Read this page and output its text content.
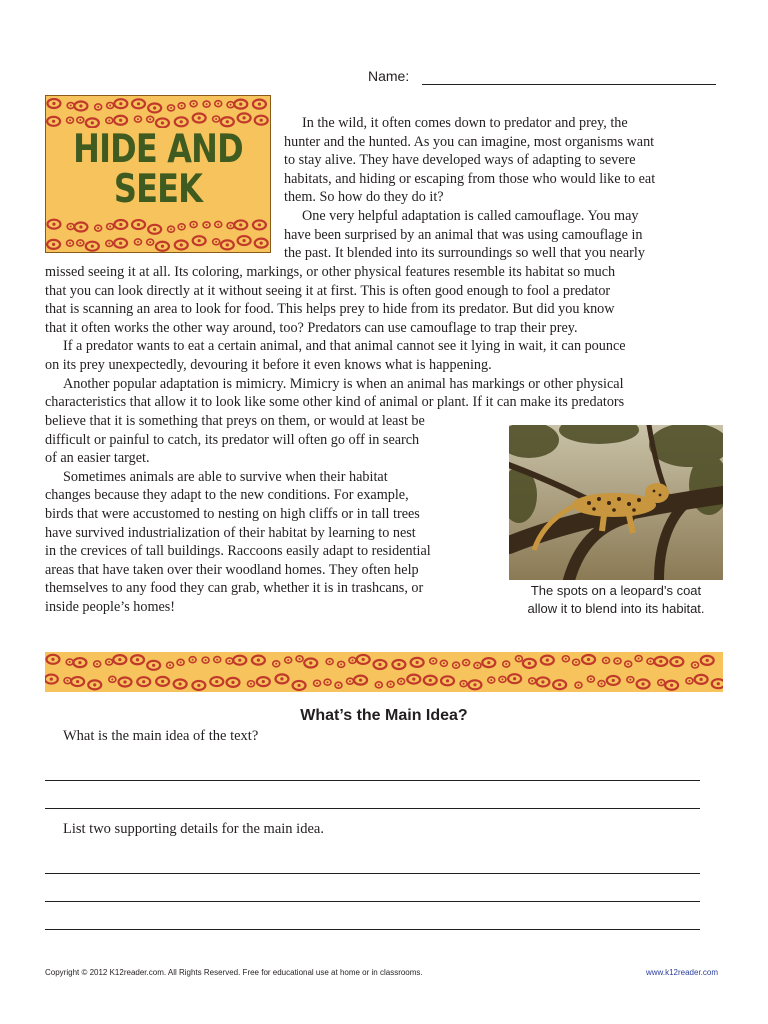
Name:
HIDE AND
SEEK
In the wild, it often comes down to predator and prey, the
hunter and the hunted. As you can imagine, most organisms want
to stay alive. They have developed ways of adapting to severe
habitats, and hiding or escaping from those who would like to eat
them. So how do they do it?
One very helpful adaptation is called camouflage. You may
have been surprised by an animal that was using camouflage in
the past. It blended into its surroundings so well that you nearly
missed seeing it at all. Its coloring, markings, or other physical features resemble its habitat so much
that you can look directly at it without seeing it at first. This is often good enough to fool a predator
that is scanning an area to look for food. This helps prey to hide from its predator. But did you know
that it often works the other way around, too? Predators can use camouflage to trap their prey.
If a predator wants to eat a certain animal, and that animal cannot see it lying in wait, it can pounce
on its prey unexpectedly, devouring it before it even knows what is happening.
Another popular adaptation is mimicry. Mimicry is when an animal has markings or other physical
characteristics that allow it to look like some other kind of animal or plant. If it can make its predators
believe that it is something that preys on them, or would at least be
difficult or painful to catch, its predator will often go off in search
of an easier target.
Sometimes animals are able to survive when their habitat
changes because they adapt to the new conditions. For example,
birds that were accustomed to nesting on high cliffs or in tall trees
have survived industrialization of their habitat by learning to nest
in the crevices of tall buildings. Raccoons easily adapt to residential
areas that have taken over their woodland homes. They often help
themselves to any food they can grab, whether it is in trashcans, or
inside people’s homes!
The spots on a leopard’s coat
allow it to blend into its habitat.
What’s the Main Idea?
What is the main idea of the text?
List two supporting details for the main idea.
Copyright © 2012 K12reader.com. All Rights Reserved. Free for educational use at home or in classrooms.	www.k12reader.com
